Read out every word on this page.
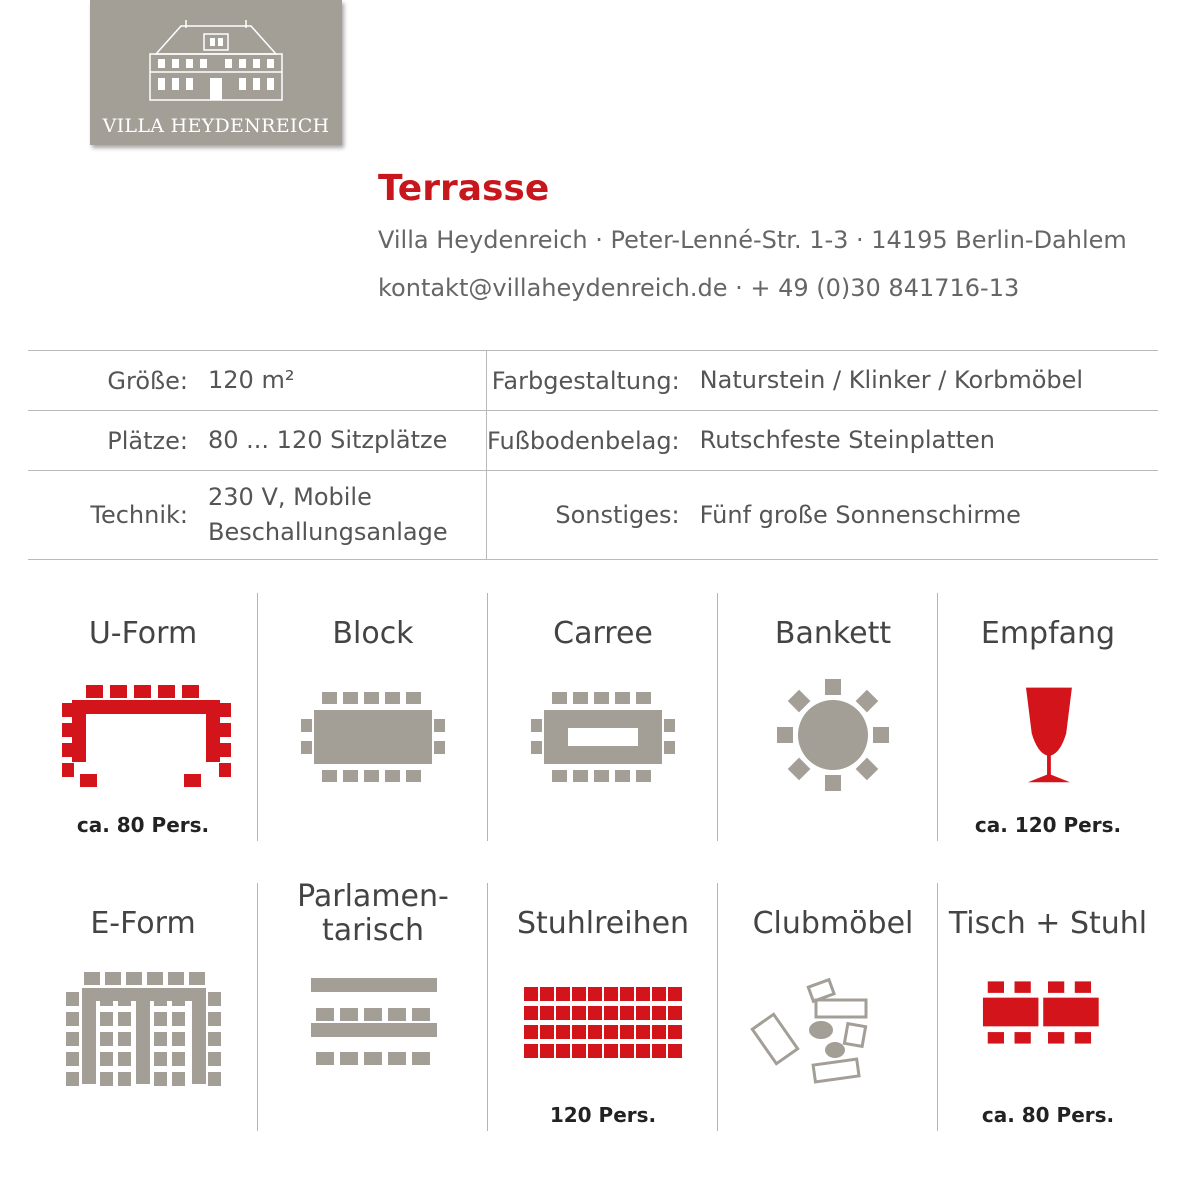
VILLA HEYDENREICH
Terrasse
Villa Heydenreich · Peter-Lenné-Str. 1-3 · 14195 Berlin-Dahlem
kontakt@villaheydenreich.de · + 49 (0)30 841716-13
Größe:	120 m²	Farbgestaltung:	Naturstein / Klinker / Korbmöbel
Plätze:	80 ... 120 Sitzplätze	Fußbodenbelag:	Rutschfeste Steinplatten
Technik:	230 V, Mobile Beschallungsanlage	Sonstiges:	Fünf große Sonnenschirme
U-Form
ca. 80 Pers.
Block	Carree	Bankett	Empfang
ca. 120 Pers.
E-Form
Parlamen-
tarisch	Stuhlreihen
120 Pers.
Clubmöbel	Tisch + Stuhl
ca. 80 Pers.
